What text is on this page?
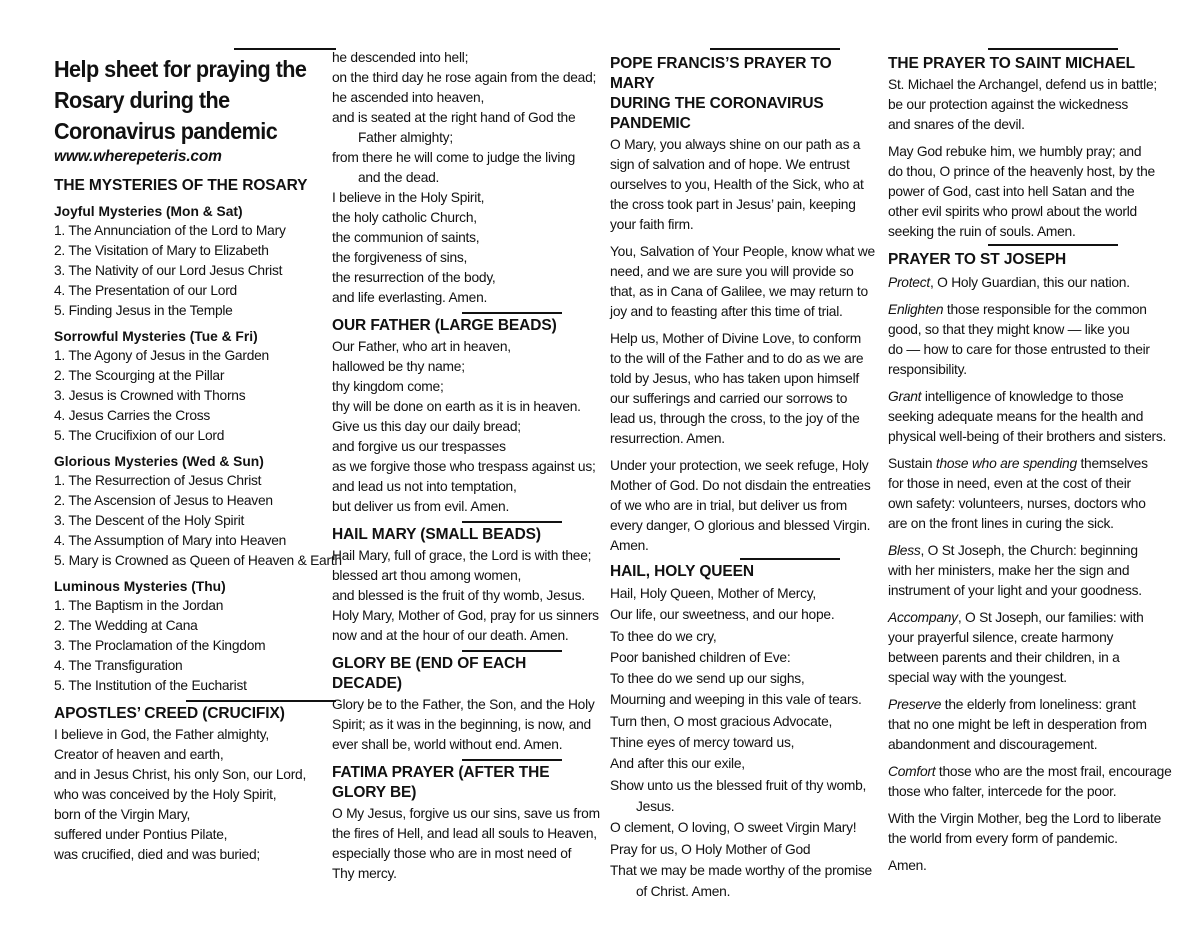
Help sheet for praying the Rosary during the Coronavirus pandemic
www.wherepeteris.com
THE MYSTERIES OF THE ROSARY
Joyful Mysteries (Mon & Sat)
1. The Annunciation of the Lord to Mary
2. The Visitation of Mary to Elizabeth
3. The Nativity of our Lord Jesus Christ
4. The Presentation of our Lord
5. Finding Jesus in the Temple
Sorrowful Mysteries (Tue & Fri)
1. The Agony of Jesus in the Garden
2. The Scourging at the Pillar
3. Jesus is Crowned with Thorns
4. Jesus Carries the Cross
5. The Crucifixion of our Lord
Glorious Mysteries (Wed & Sun)
1. The Resurrection of Jesus Christ
2. The Ascension of Jesus to Heaven
3. The Descent of the Holy Spirit
4. The Assumption of Mary into Heaven
5. Mary is Crowned as Queen of Heaven & Earth
Luminous Mysteries (Thu)
1. The Baptism in the Jordan
2. The Wedding at Cana
3. The Proclamation of the Kingdom
4. The Transfiguration
5. The Institution of the Eucharist
APOSTLES’ CREED (CRUCIFIX)
I believe in God, the Father almighty,
Creator of heaven and earth,
and in Jesus Christ, his only Son, our Lord,
who was conceived by the Holy Spirit,
born of the Virgin Mary,
suffered under Pontius Pilate,
was crucified, died and was buried;
he descended into hell;
on the third day he rose again from the dead;
he ascended into heaven,
and is seated at the right hand of God the
Father almighty;
from there he will come to judge the living
and the dead.
I believe in the Holy Spirit,
the holy catholic Church,
the communion of saints,
the forgiveness of sins,
the resurrection of the body,
and life everlasting. Amen.
OUR FATHER (LARGE BEADS)
Our Father, who art in heaven,
hallowed be thy name;
thy kingdom come;
thy will be done on earth as it is in heaven.
Give us this day our daily bread;
and forgive us our trespasses
as we forgive those who trespass against us;
and lead us not into temptation,
but deliver us from evil. Amen.
HAIL MARY (SMALL BEADS)
Hail Mary, full of grace, the Lord is with thee;
blessed art thou among women,
and blessed is the fruit of thy womb, Jesus.
Holy Mary, Mother of God, pray for us sinners
now and at the hour of our death. Amen.
GLORY BE (END OF EACH DECADE)
Glory be to the Father, the Son, and the Holy
Spirit; as it was in the beginning, is now, and
ever shall be, world without end. Amen.
FATIMA PRAYER (AFTER THE GLORY BE)
O My Jesus, forgive us our sins, save us from
the fires of Hell, and lead all souls to Heaven,
especially those who are in most need of
Thy mercy.
POPE FRANCIS’S PRAYER TO MARY
DURING THE CORONAVIRUS PANDEMIC
O Mary, you always shine on our path as a
sign of salvation and of hope. We entrust
ourselves to you, Health of the Sick, who at
the cross took part in Jesus’ pain, keeping
your faith firm.
You, Salvation of Your People, know what we
need, and we are sure you will provide so
that, as in Cana of Galilee, we may return to
joy and to feasting after this time of trial.
Help us, Mother of Divine Love, to conform
to the will of the Father and to do as we are
told by Jesus, who has taken upon himself
our sufferings and carried our sorrows to
lead us, through the cross, to the joy of the
resurrection. Amen.
Under your protection, we seek refuge, Holy
Mother of God. Do not disdain the entreaties
of we who are in trial, but deliver us from
every danger, O glorious and blessed Virgin.
Amen.
HAIL, HOLY QUEEN
Hail, Holy Queen, Mother of Mercy,
Our life, our sweetness, and our hope.
To thee do we cry,
Poor banished children of Eve:
To thee do we send up our sighs,
Mourning and weeping in this vale of tears.
Turn then, O most gracious Advocate,
Thine eyes of mercy toward us,
And after this our exile,
Show unto us the blessed fruit of thy womb,
Jesus.
O clement, O loving, O sweet Virgin Mary!
Pray for us, O Holy Mother of God
That we may be made worthy of the promise
of Christ. Amen.
THE PRAYER TO SAINT MICHAEL
St. Michael the Archangel, defend us in battle;
be our protection against the wickedness
and snares of the devil.
May God rebuke him, we humbly pray; and
do thou, O prince of the heavenly host, by the
power of God, cast into hell Satan and the
other evil spirits who prowl about the world
seeking the ruin of souls. Amen.
PRAYER TO ST JOSEPH
Protect, O Holy Guardian, this our nation.
Enlighten those responsible for the common
good, so that they might know — like you
do — how to care for those entrusted to their
responsibility.
Grant intelligence of knowledge to those
seeking adequate means for the health and
physical well-being of their brothers and sisters.
Sustain those who are spending themselves
for those in need, even at the cost of their
own safety: volunteers, nurses, doctors who
are on the front lines in curing the sick.
Bless, O St Joseph, the Church: beginning
with her ministers, make her the sign and
instrument of your light and your goodness.
Accompany, O St Joseph, our families: with
your prayerful silence, create harmony
between parents and their children, in a
special way with the youngest.
Preserve the elderly from loneliness: grant
that no one might be left in desperation from
abandonment and discouragement.
Comfort those who are the most frail, encourage
those who falter, intercede for the poor.
With the Virgin Mother, beg the Lord to liberate
the world from every form of pandemic.
Amen.
